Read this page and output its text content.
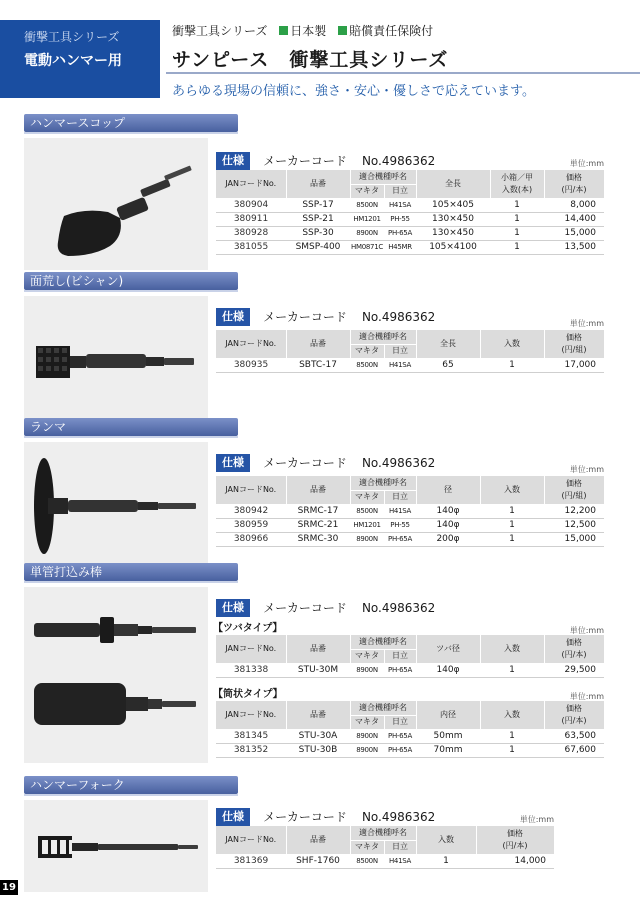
衝撃工具シリーズ
電動ハンマー用
衝撃工具シリーズ 日本製 賠償責任保険付
サンピース　衝撃工具シリーズ
あらゆる現場の信頼に、強さ・安心・優しさで応えています。
ハンマースコップ
仕様 メーカーコード No.4986362	単位:mm
JANコードNo.	品番	適合機種呼名		全長	小箱／甲
入数(本)	価格
(円/本)
		マキタ	日立			
380904	SSP-17	8500N	H41SA	105×405	1	8,000
380911	SSP-21	HM1201	PH-55	130×450	1	14,400
380928	SSP-30	8900N	PH-65A	130×450	1	15,000
381055	SMSP-400	HM0871C	H45MR	105×4100	1	13,500
面荒し(ビシャン)
仕様 メーカーコード No.4986362	単位:mm
JANコードNo.	品番	適合機種呼名		全長	入数	価格
(円/組)
		マキタ	日立			
380935	SBTC-17	8500N	H41SA	65	1	17,000
ランマ
仕様 メーカーコード No.4986362	単位:mm
JANコードNo.	品番	適合機種呼名		径	入数	価格
(円/組)
		マキタ	日立			
380942	SRMC-17	8500N	H41SA	140φ	1	12,200
380959	SRMC-21	HM1201	PH-55	140φ	1	12,500
380966	SRMC-30	8900N	PH-65A	200φ	1	15,000
単管打込み棒
仕様 メーカーコード No.4986362
【ツバタイプ】	単位:mm
JANコードNo.	品番	適合機種呼名		ツバ径	入数	価格
(円/本)
		マキタ	日立			
381338	STU-30M	8900N	PH-65A	140φ	1	29,500
【筒状タイプ】	単位:mm
JANコードNo.	品番	適合機種呼名		内径	入数	価格
(円/本)
		マキタ	日立			
381345	STU-30A	8900N	PH-65A	50mm	1	63,500
381352	STU-30B	8900N	PH-65A	70mm	1	67,600
ハンマーフォーク
仕様 メーカーコード No.4986362	単位:mm
JANコードNo.	品番	適合機種呼名		入数	価格
(円/本)
		マキタ	日立		
381369	SHF-1760	8500N	H41SA	1	14,000
19
